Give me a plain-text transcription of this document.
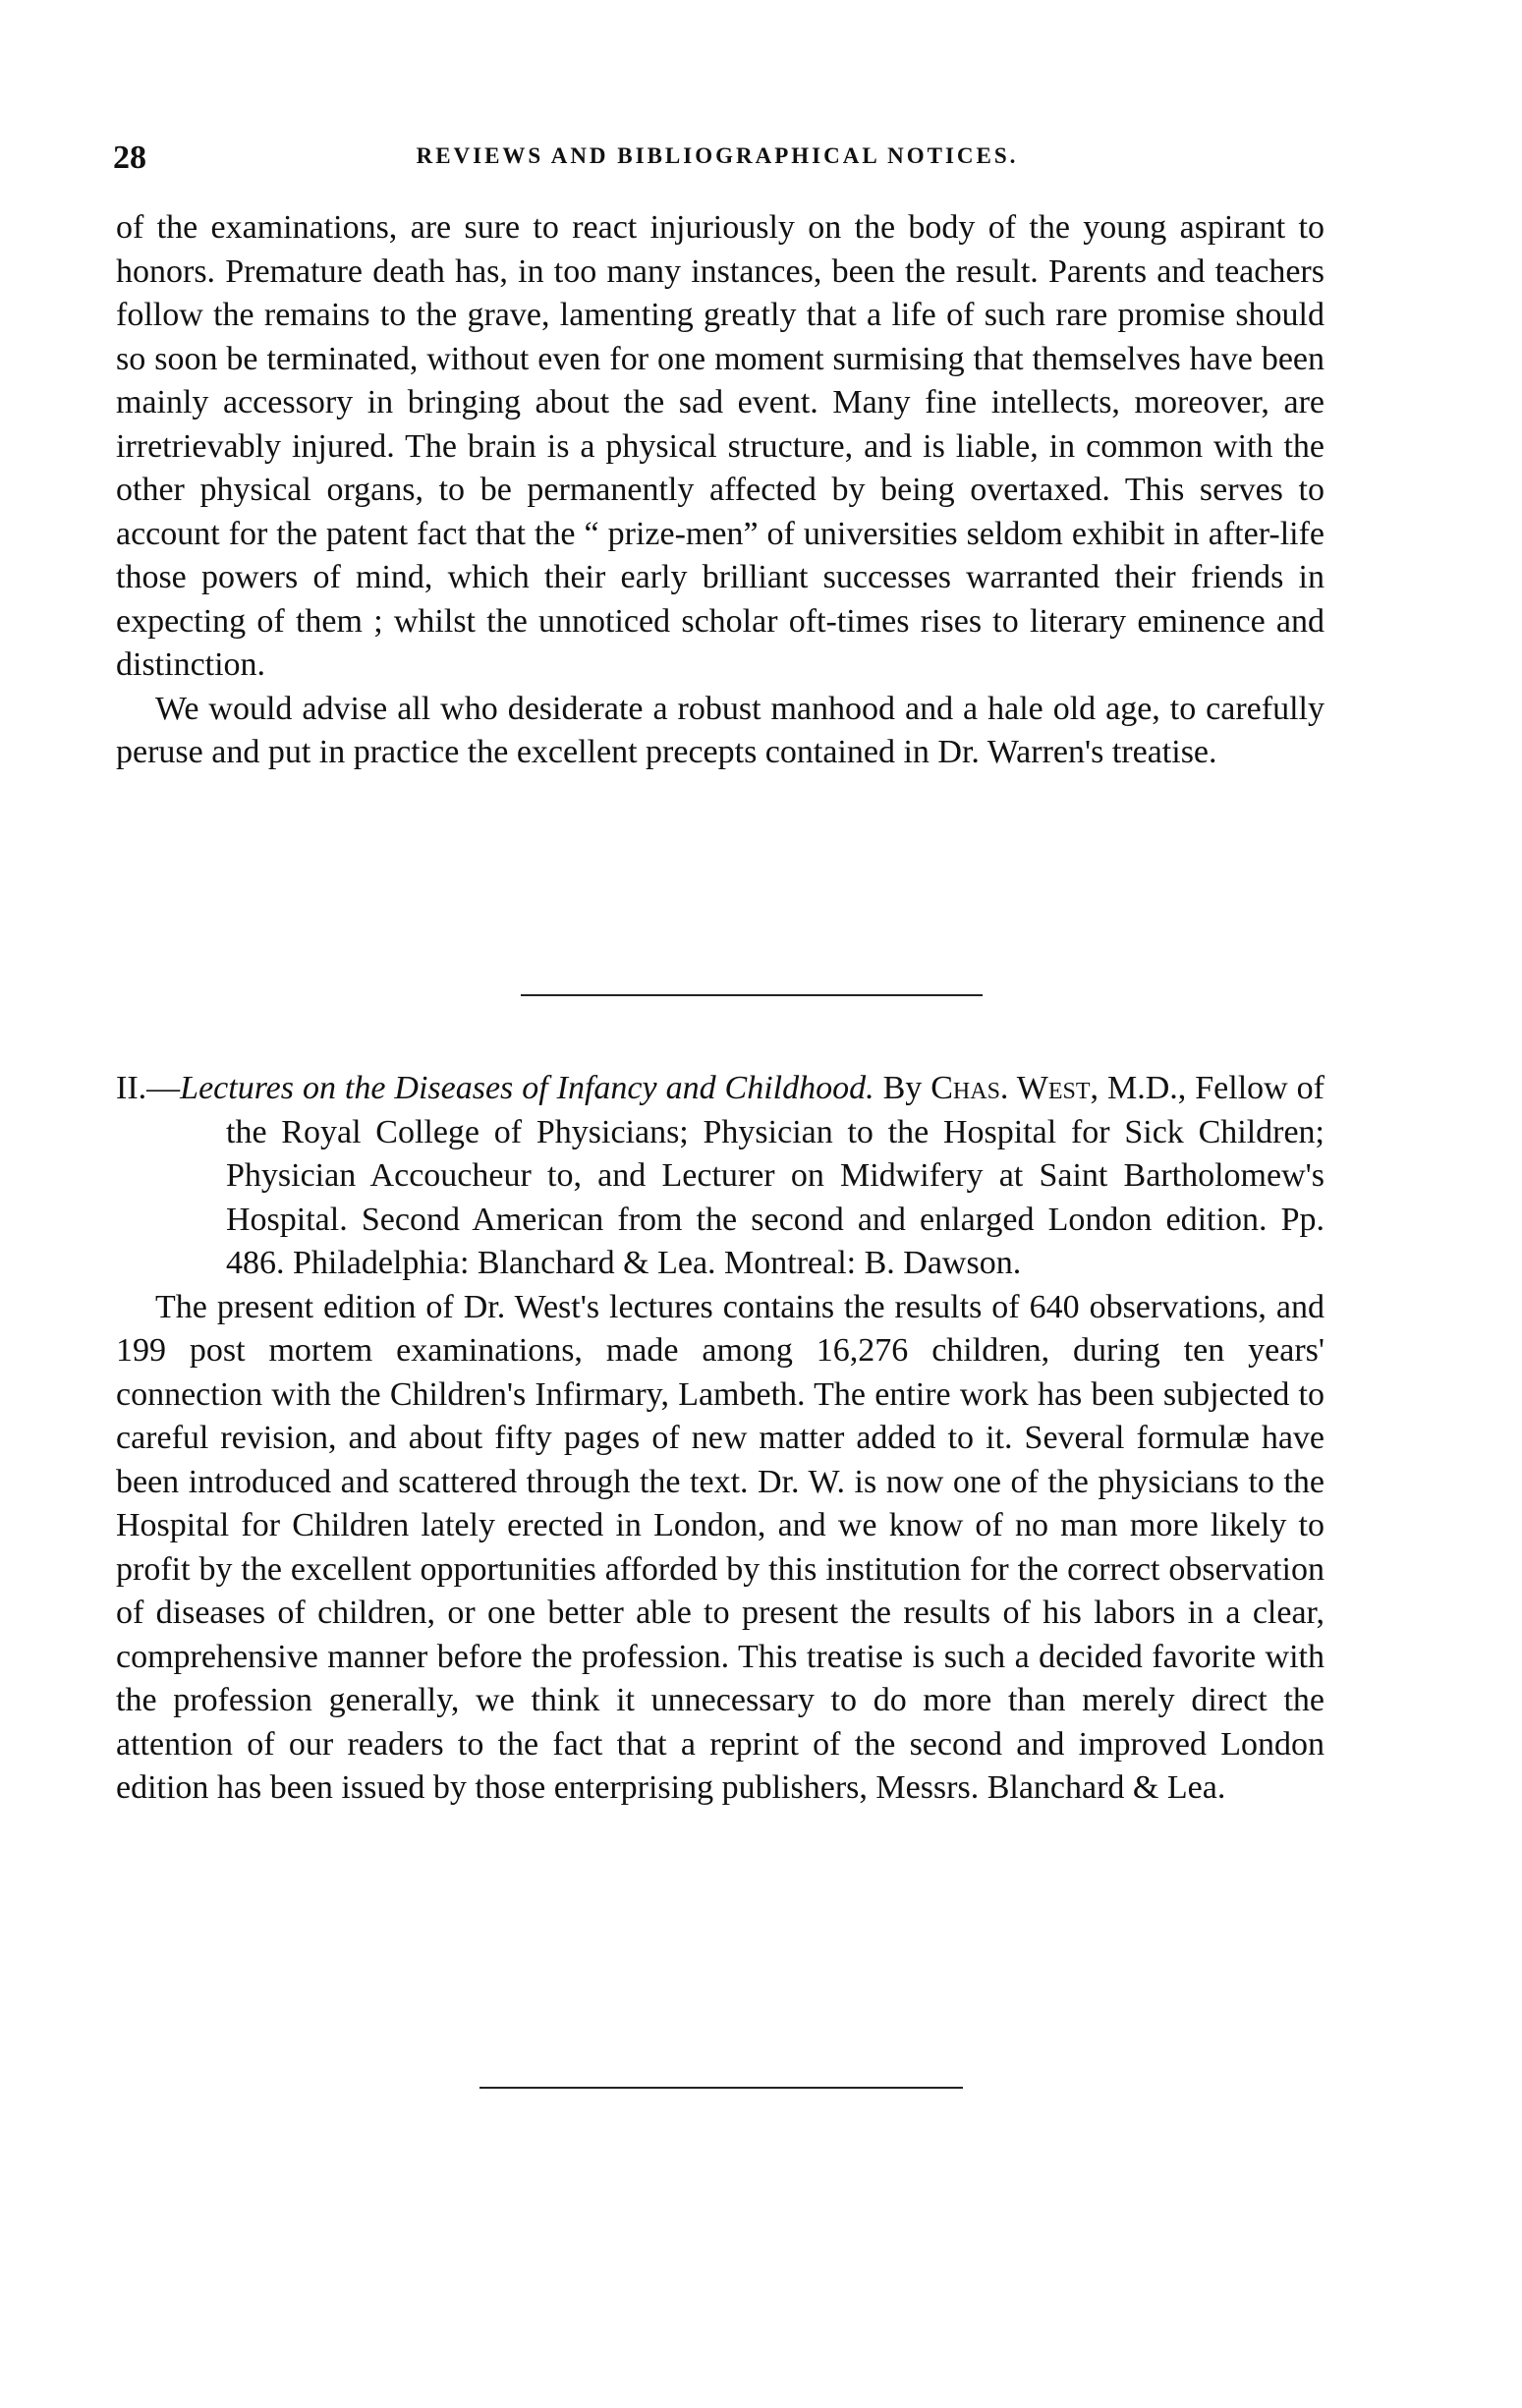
28	REVIEWS AND BIBLIOGRAPHICAL NOTICES.

of the examinations, are sure to react injuriously on the body of the young aspirant to honors. Premature death has, in too many instances, been the result. Parents and teachers follow the remains to the grave, lamenting greatly that a life of such rare promise should so soon be terminated, without even for one moment surmising that themselves have been mainly accessory in bringing about the sad event. Many fine intellects, moreover, are irretrievably injured. The brain is a physical structure, and is liable, in common with the other physical organs, to be permanently affected by being overtaxed. This serves to account for the patent fact that the “ prize-men” of universities seldom exhibit in after-life those powers of mind, which their early brilliant successes warranted their friends in expecting of them ; whilst the unnoticed scholar oft-times rises to literary eminence and distinction.

We would advise all who desiderate a robust manhood and a hale old age, to carefully peruse and put in practice the excellent precepts contained in Dr. Warren's treatise.

II.—Lectures on the Diseases of Infancy and Childhood. By Chas. West, M.D., Fellow of the Royal College of Physicians; Physician to the Hospital for Sick Children; Physician Accoucheur to, and Lecturer on Midwifery at Saint Bartholomew's Hospital. Second American from the second and enlarged London edition. Pp. 486. Philadelphia: Blanchard & Lea. Montreal: B. Dawson.

The present edition of Dr. West's lectures contains the results of 640 observations, and 199 post mortem examinations, made among 16,276 children, during ten years' connection with the Children's Infirmary, Lambeth. The entire work has been subjected to careful revision, and about fifty pages of new matter added to it. Several formulæ have been introduced and scattered through the text. Dr. W. is now one of the physicians to the Hospital for Children lately erected in London, and we know of no man more likely to profit by the excellent opportunities afforded by this institution for the correct observation of diseases of children, or one better able to present the results of his labors in a clear, comprehensive manner before the profession. This treatise is such a decided favorite with the profession generally, we think it unnecessary to do more than merely direct the attention of our readers to the fact that a reprint of the second and improved London edition has been issued by those enterprising publishers, Messrs. Blanchard & Lea.
